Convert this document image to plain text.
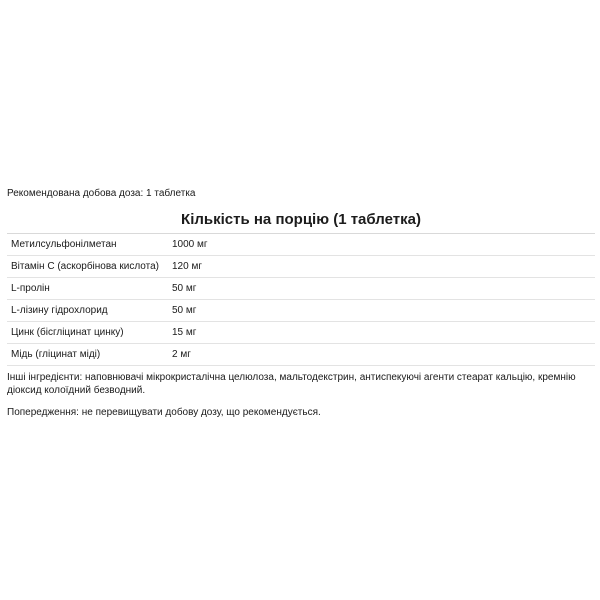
Рекомендована добова доза: 1 таблетка
Кількість на порцію (1 таблетка)
Метилсульфонілметан	1000 мг
Вітамін С (аскорбінова кислота)	120 мг
L-пролін	50 мг
L-лізину гідрохлорид	50 мг
Цинк (бісгліцинат цинку)	15 мг
Мідь (гліцинат міді)	2 мг
Інші інгредієнти: наповнювачі мікрокристалічна целюлоза, мальтодекстрин, антиспекуючі агенти стеарат кальцію, кремнію діоксид колоїдний безводний.
Попередження: не перевищувати добову дозу, що рекомендується.
